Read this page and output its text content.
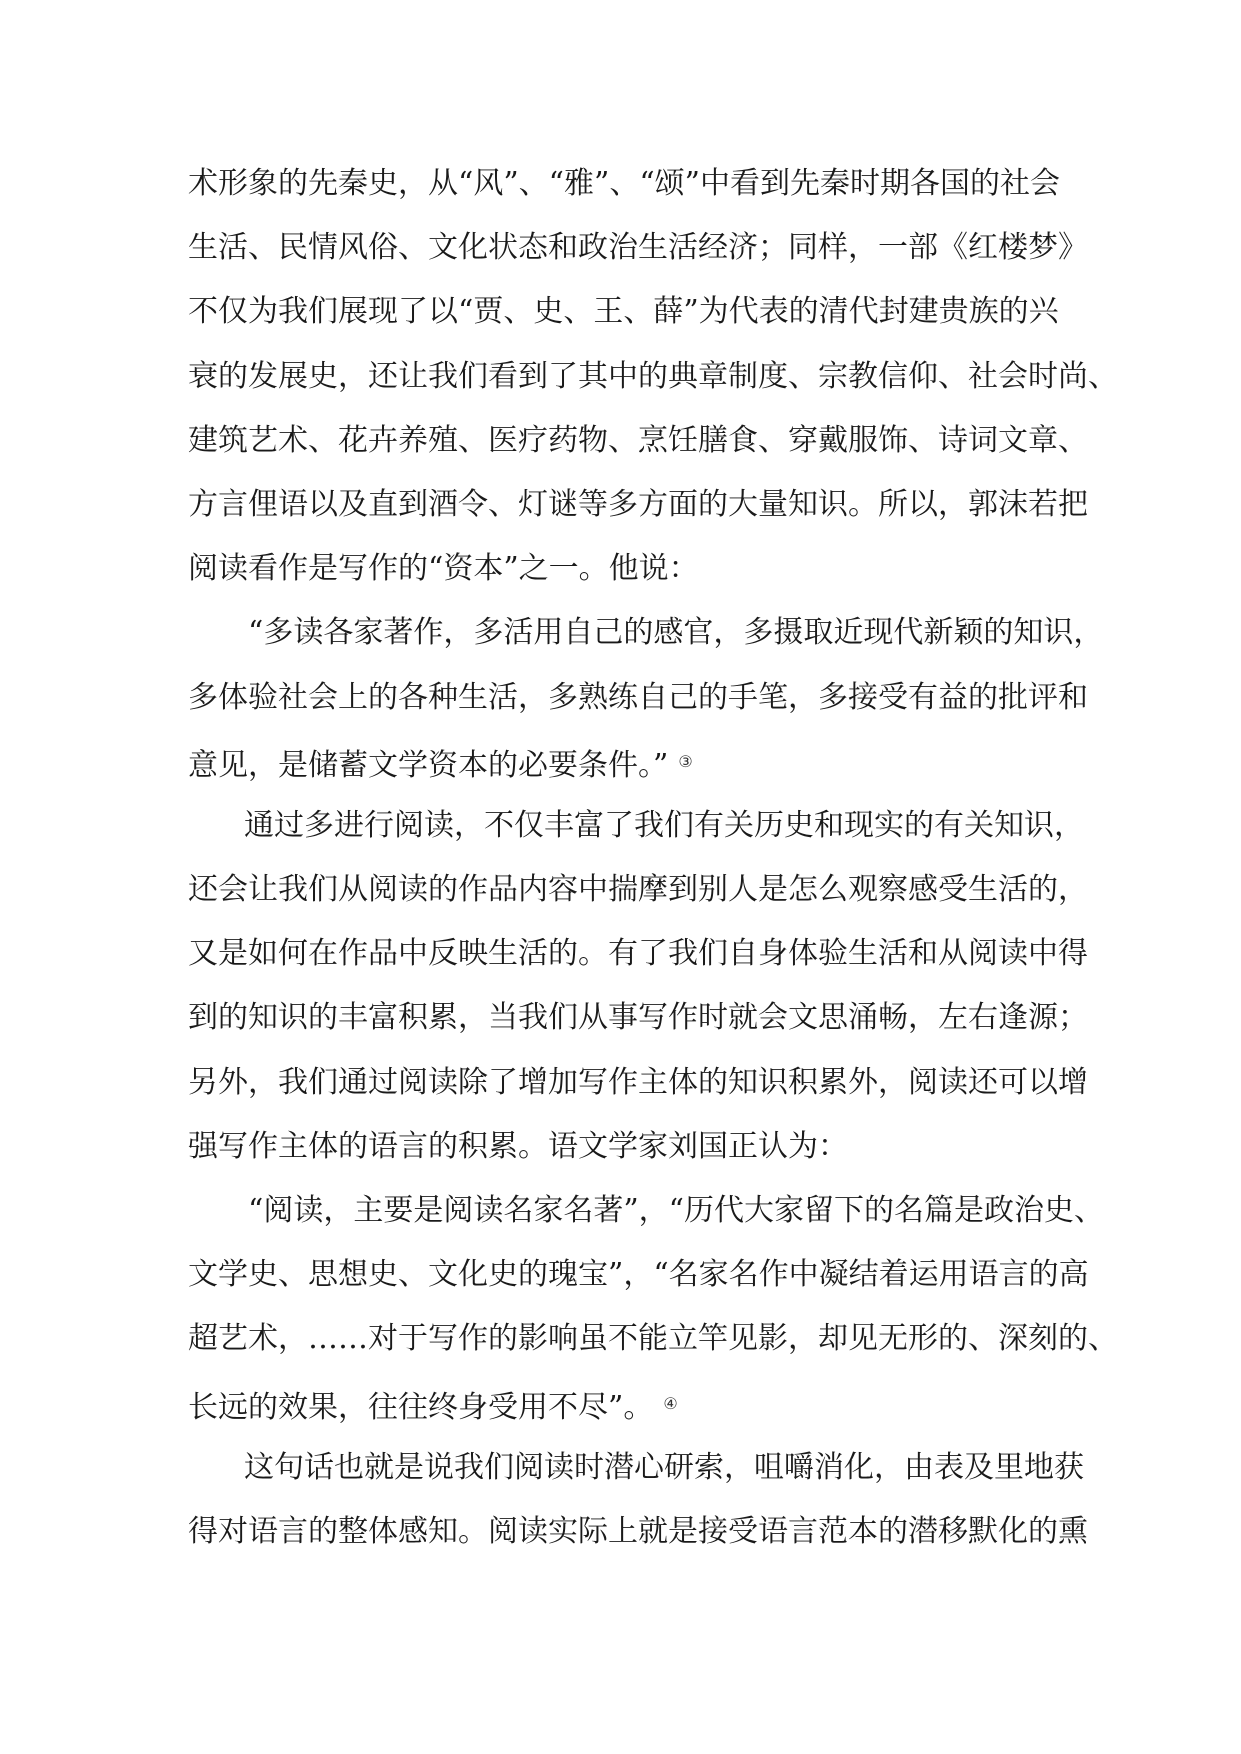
术形象的先秦史，从“风”、“雅”、“颂”中看到先秦时期各国的社会
生活、民情风俗、文化状态和政治生活经济；同样，一部《红楼梦》
不仅为我们展现了以“贾、史、王、薛”为代表的清代封建贵族的兴
衰的发展史，还让我们看到了其中的典章制度、宗教信仰、社会时尚、
建筑艺术、花卉养殖、医疗药物、烹饪膳食、穿戴服饰、诗词文章、
方言俚语以及直到酒令、灯谜等多方面的大量知识。所以，郭沫若把
阅读看作是写作的“资本”之一。他说：
“多读各家著作，多活用自己的感官，多摄取近现代新颖的知识，
多体验社会上的各种生活，多熟练自己的手笔，多接受有益的批评和
意见，是储蓄文学资本的必要条件。” ③
通过多进行阅读，不仅丰富了我们有关历史和现实的有关知识，
还会让我们从阅读的作品内容中揣摩到别人是怎么观察感受生活的，
又是如何在作品中反映生活的。有了我们自身体验生活和从阅读中得
到的知识的丰富积累，当我们从事写作时就会文思涌畅，左右逢源；
另外，我们通过阅读除了增加写作主体的知识积累外，阅读还可以增
强写作主体的语言的积累。语文学家刘国正认为：
“阅读，主要是阅读名家名著”，“历代大家留下的名篇是政治史、
文学史、思想史、文化史的瑰宝”，“名家名作中凝结着运用语言的高
超艺术，……对于写作的影响虽不能立竿见影，却见无形的、深刻的、
长远的效果，往往终身受用不尽”。 ④
这句话也就是说我们阅读时潜心研索，咀嚼消化，由表及里地获
得对语言的整体感知。阅读实际上就是接受语言范本的潜移默化的熏
